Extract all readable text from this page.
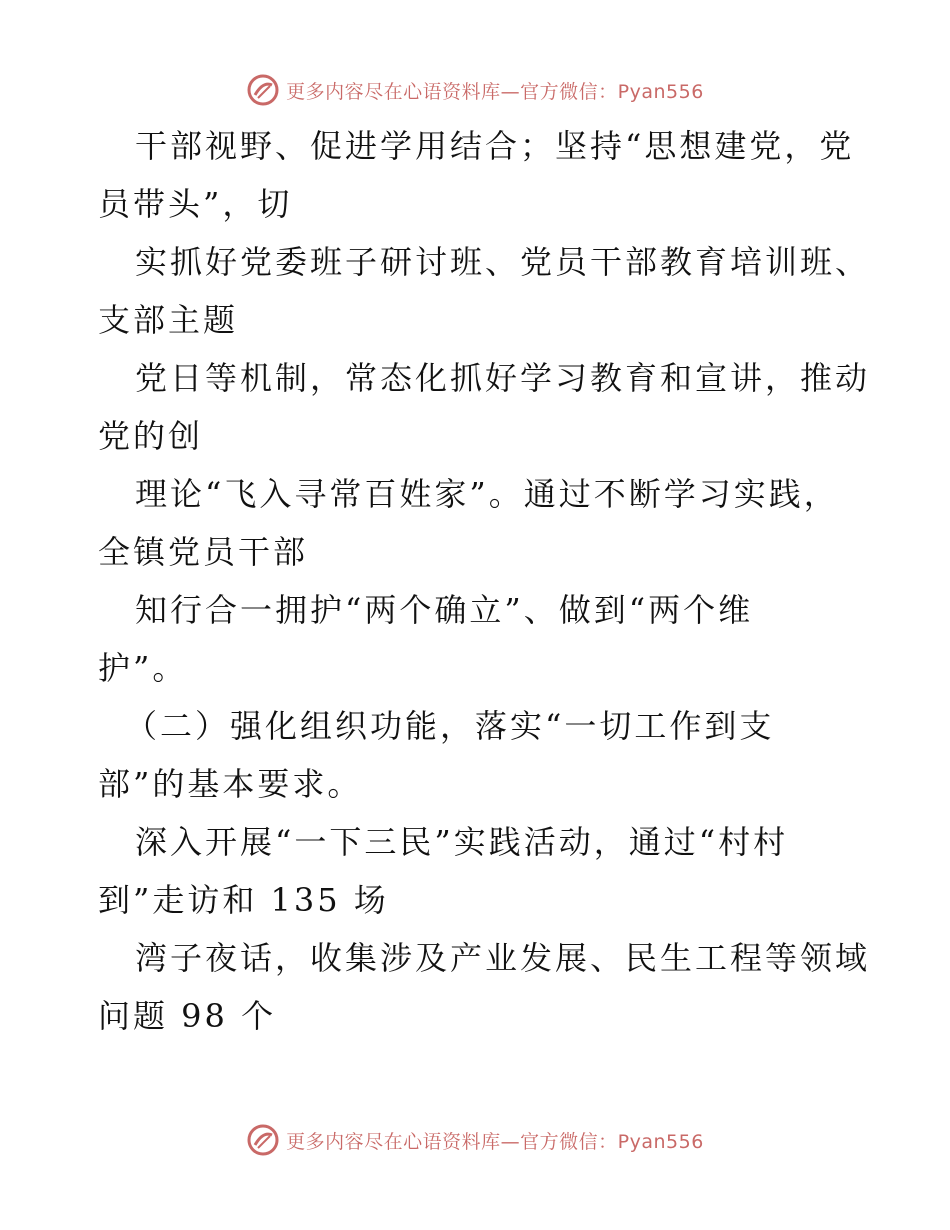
更多内容尽在心语资料库—官方微信：Pyan556
干部视野、促进学用结合；坚持“思想建党，党
员带头”，切
实抓好党委班子研讨班、党员干部教育培训班、
支部主题
党日等机制，常态化抓好学习教育和宣讲，推动
党的创
理论“飞入寻常百姓家”。通过不断学习实践，
全镇党员干部
知行合一拥护“两个确立”、做到“两个维
护”。
（二）强化组织功能，落实“一切工作到支
部”的基本要求。
深入开展“一下三民”实践活动，通过“村村
到”走访和 135 场
湾子夜话，收集涉及产业发展、民生工程等领域
问题 98 个
更多内容尽在心语资料库—官方微信：Pyan556
